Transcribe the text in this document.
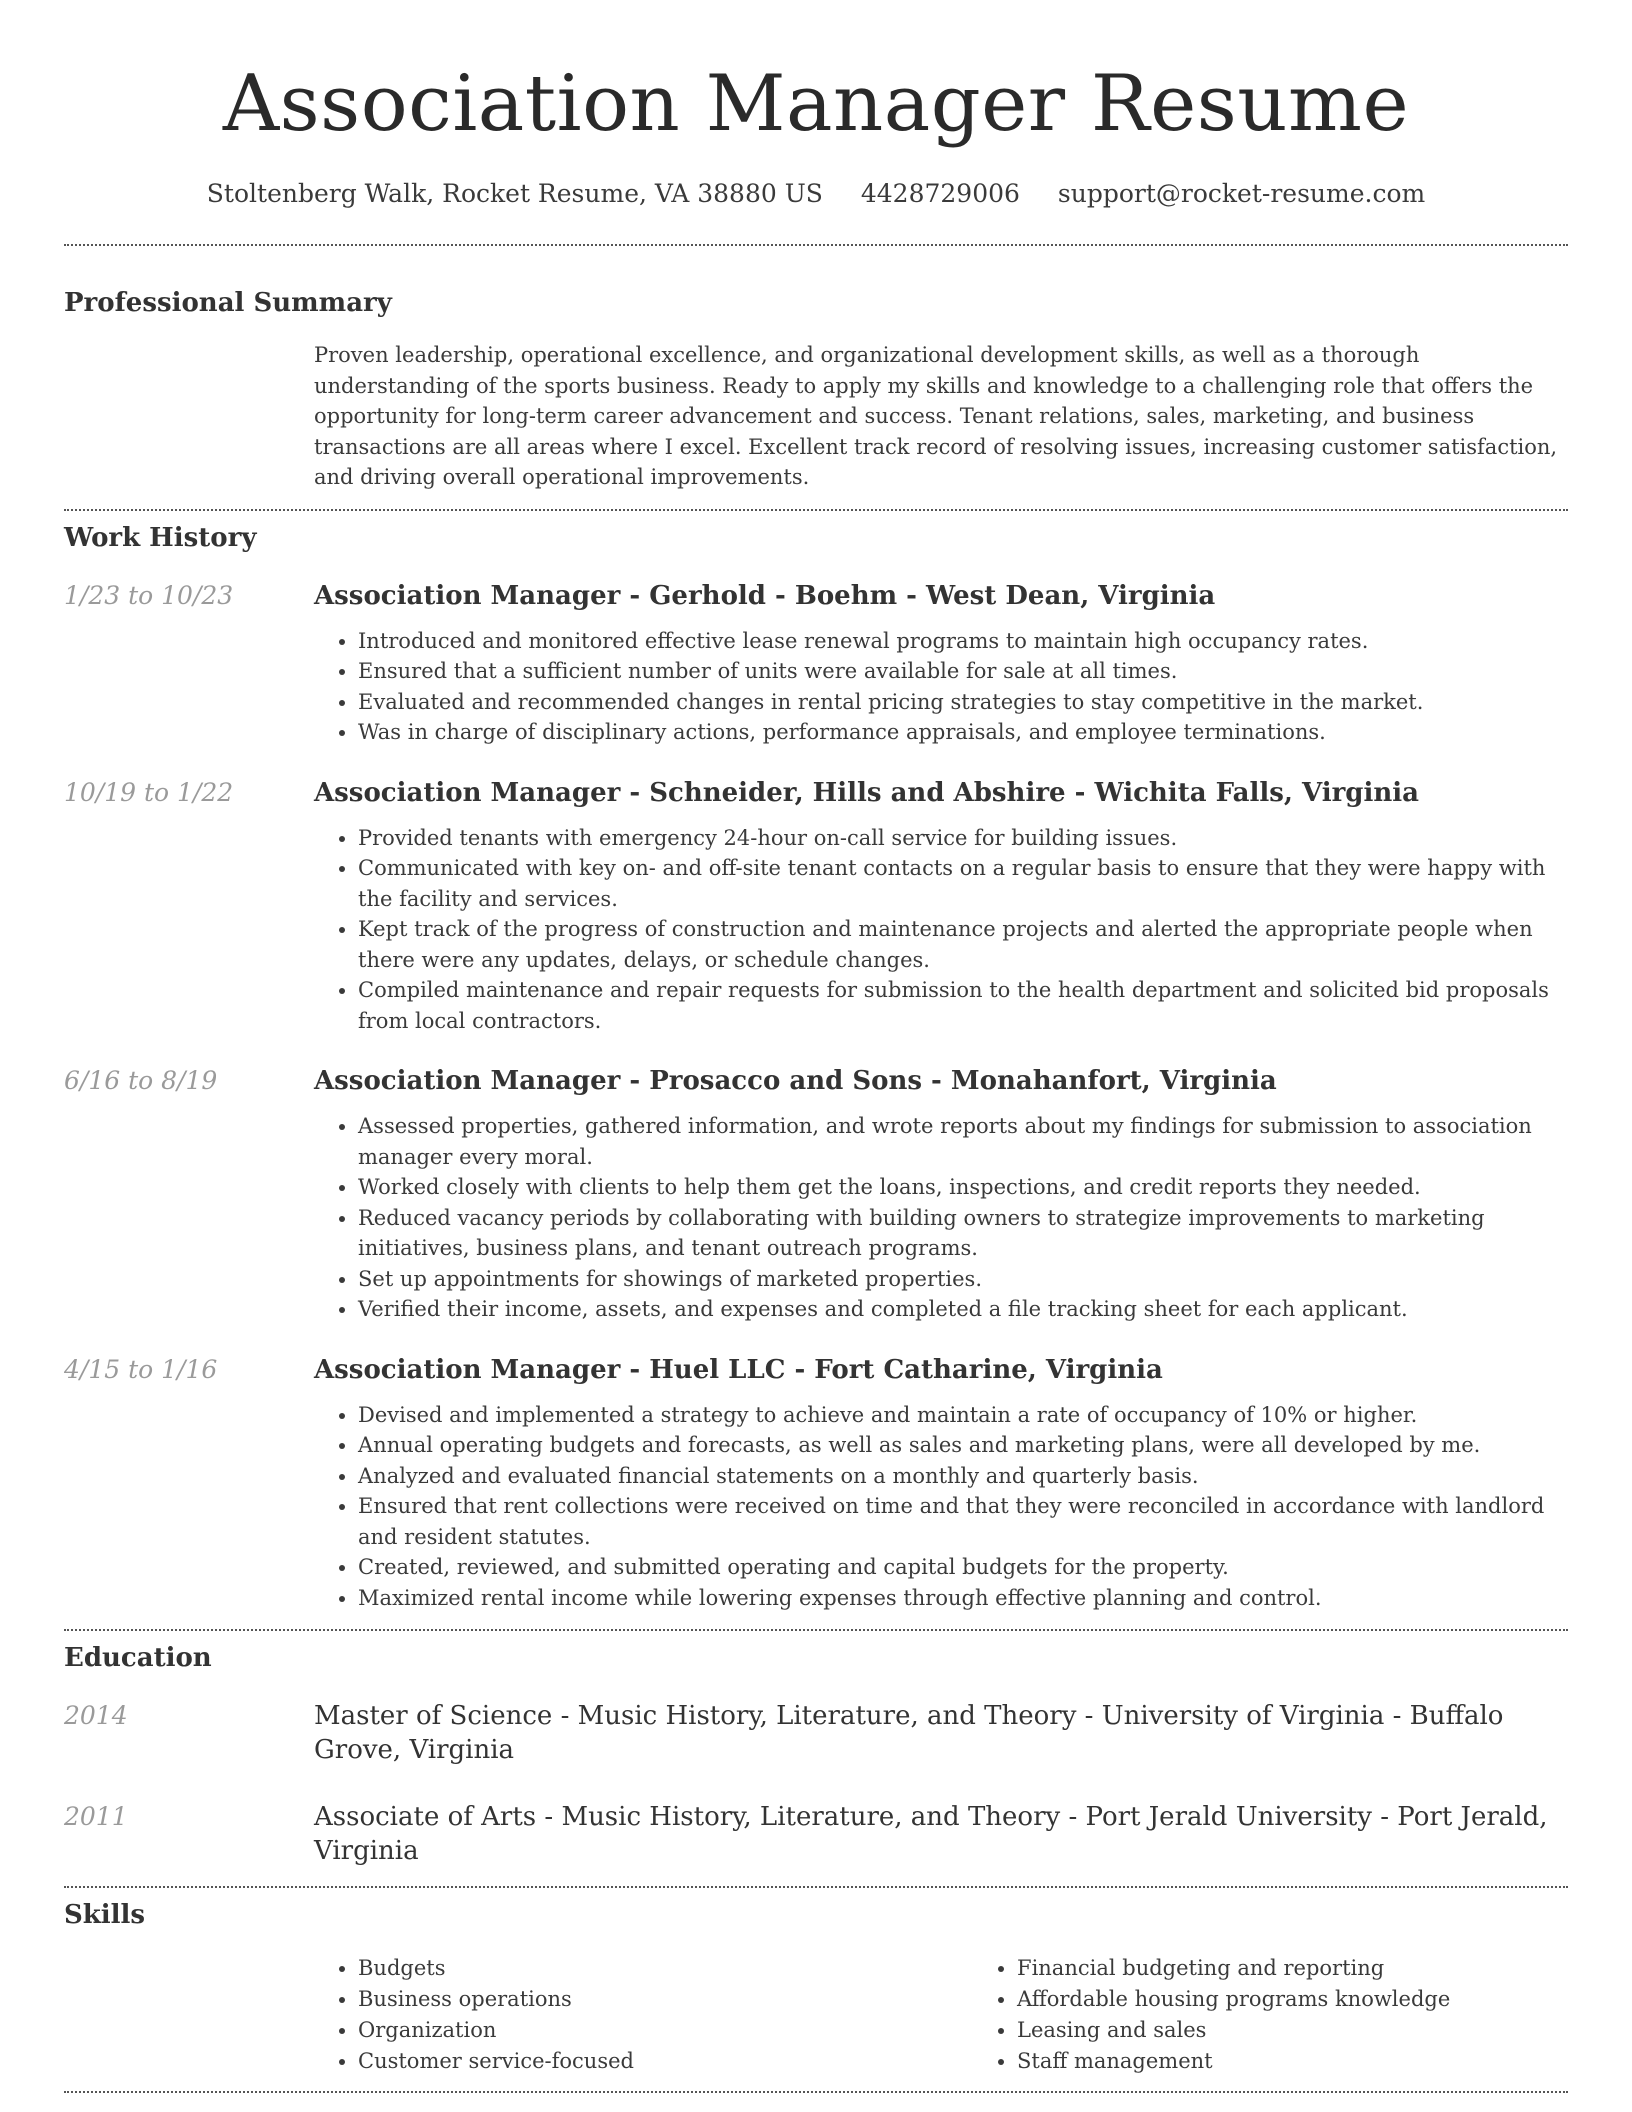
Association Manager Resume
Stoltenberg Walk, Rocket Resume, VA 38880 US 4428729006 support@rocket-resume.com
Professional Summary

Proven leadership, operational excellence, and organizational development skills, as well as a thorough understanding of the sports business. Ready to apply my skills and knowledge to a challenging role that offers the opportunity for long-term career advancement and success. Tenant relations, sales, marketing, and business transactions are all areas where I excel. Excellent track record of resolving issues, increasing customer satisfaction, and driving overall operational improvements.

Work History
1/23 to 10/23	Association Manager - Gerhold - Boehm - West Dean, Virginia
• Introduced and monitored effective lease renewal programs to maintain high occupancy rates.
• Ensured that a sufficient number of units were available for sale at all times.
• Evaluated and recommended changes in rental pricing strategies to stay competitive in the market.
• Was in charge of disciplinary actions, performance appraisals, and employee terminations.
10/19 to 1/22	Association Manager - Schneider, Hills and Abshire - Wichita Falls, Virginia
• Provided tenants with emergency 24-hour on-call service for building issues.
• Communicated with key on- and off-site tenant contacts on a regular basis to ensure that they were happy with the facility and services.
• Kept track of the progress of construction and maintenance projects and alerted the appropriate people when there were any updates, delays, or schedule changes.
• Compiled maintenance and repair requests for submission to the health department and solicited bid proposals from local contractors.
6/16 to 8/19	Association Manager - Prosacco and Sons - Monahanfort, Virginia
• Assessed properties, gathered information, and wrote reports about my findings for submission to association manager every moral.
• Worked closely with clients to help them get the loans, inspections, and credit reports they needed.
• Reduced vacancy periods by collaborating with building owners to strategize improvements to marketing initiatives, business plans, and tenant outreach programs.
• Set up appointments for showings of marketed properties.
• Verified their income, assets, and expenses and completed a file tracking sheet for each applicant.
4/15 to 1/16	Association Manager - Huel LLC - Fort Catharine, Virginia
• Devised and implemented a strategy to achieve and maintain a rate of occupancy of 10% or higher.
• Annual operating budgets and forecasts, as well as sales and marketing plans, were all developed by me.
• Analyzed and evaluated financial statements on a monthly and quarterly basis.
• Ensured that rent collections were received on time and that they were reconciled in accordance with landlord and resident statutes.
• Created, reviewed, and submitted operating and capital budgets for the property.
• Maximized rental income while lowering expenses through effective planning and control.
Education
2014	Master of Science - Music History, Literature, and Theory - University of Virginia - Buffalo Grove, Virginia
2011	Associate of Arts - Music History, Literature, and Theory - Port Jerald University - Port Jerald, Virginia
Skills
• Budgets
• Business operations
• Organization
• Customer service-focused
• Financial budgeting and reporting
• Affordable housing programs knowledge
• Leasing and sales
• Staff management
